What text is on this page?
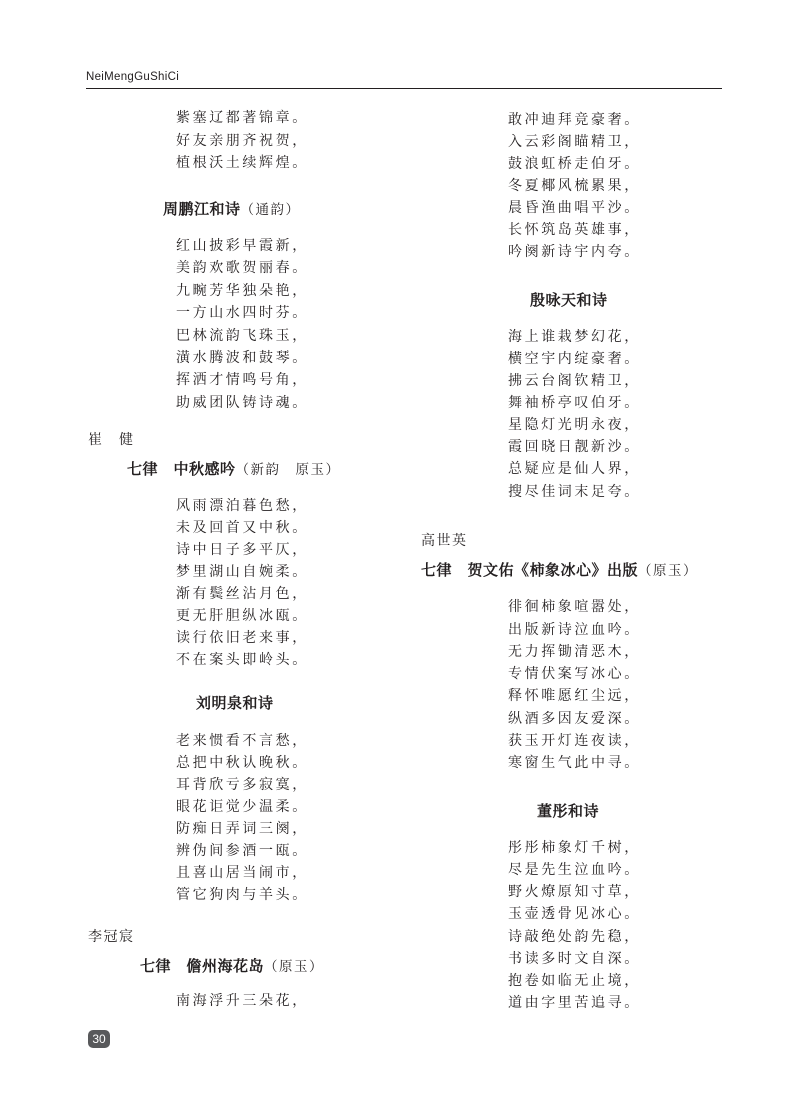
NeiMengGuShiCi
紫塞辽都著锦章。
好友亲朋齐祝贺，
植根沃土续辉煌。
周鹏江和诗（通韵）
红山披彩早霞新，
美韵欢歌贺丽春。
九畹芳华独朵艳，
一方山水四时芬。
巴林流韵飞珠玉，
潢水腾波和鼓琴。
挥洒才情鸣号角，
助威团队铸诗魂。
崔　健
七律　中秋感吟（新韵　原玉）
风雨漂泊暮色愁，
未及回首又中秋。
诗中日子多平仄，
梦里湖山自婉柔。
渐有鬓丝沾月色，
更无肝胆纵冰瓯。
读行依旧老来事，
不在案头即岭头。
刘明泉和诗
老来惯看不言愁，
总把中秋认晚秋。
耳背欣亏多寂寞，
眼花讵觉少温柔。
防痴日弄词三阕，
辨伪间参酒一瓯。
且喜山居当闹市，
管它狗肉与羊头。
李冠宸
七律　儋州海花岛（原玉）
南海浮升三朵花，
敢冲迪拜竞豪奢。
入云彩阁瞄精卫，
鼓浪虹桥走伯牙。
冬夏椰风梳累果，
晨昏渔曲唱平沙。
长怀筑岛英雄事，
吟阕新诗宇内夸。
殷咏天和诗
海上谁栽梦幻花，
横空宇内绽豪奢。
拂云台阁钦精卫，
舞袖桥亭叹伯牙。
星隐灯光明永夜，
霞回晓日靓新沙。
总疑应是仙人界，
搜尽佳词末足夸。
高世英
七律　贺文佑《柿象冰心》出版（原玉）
徘徊柿象喧嚣处，
出版新诗泣血吟。
无力挥锄清恶木，
专情伏案写冰心。
释怀唯愿红尘远，
纵酒多因友爱深。
获玉开灯连夜读，
寒窗生气此中寻。
董彤和诗
彤彤柿象灯千树，
尽是先生泣血吟。
野火燎原知寸草，
玉壶透骨见冰心。
诗敲绝处韵先稳，
书读多时文自深。
抱卷如临无止境，
道由字里苦追寻。
30
